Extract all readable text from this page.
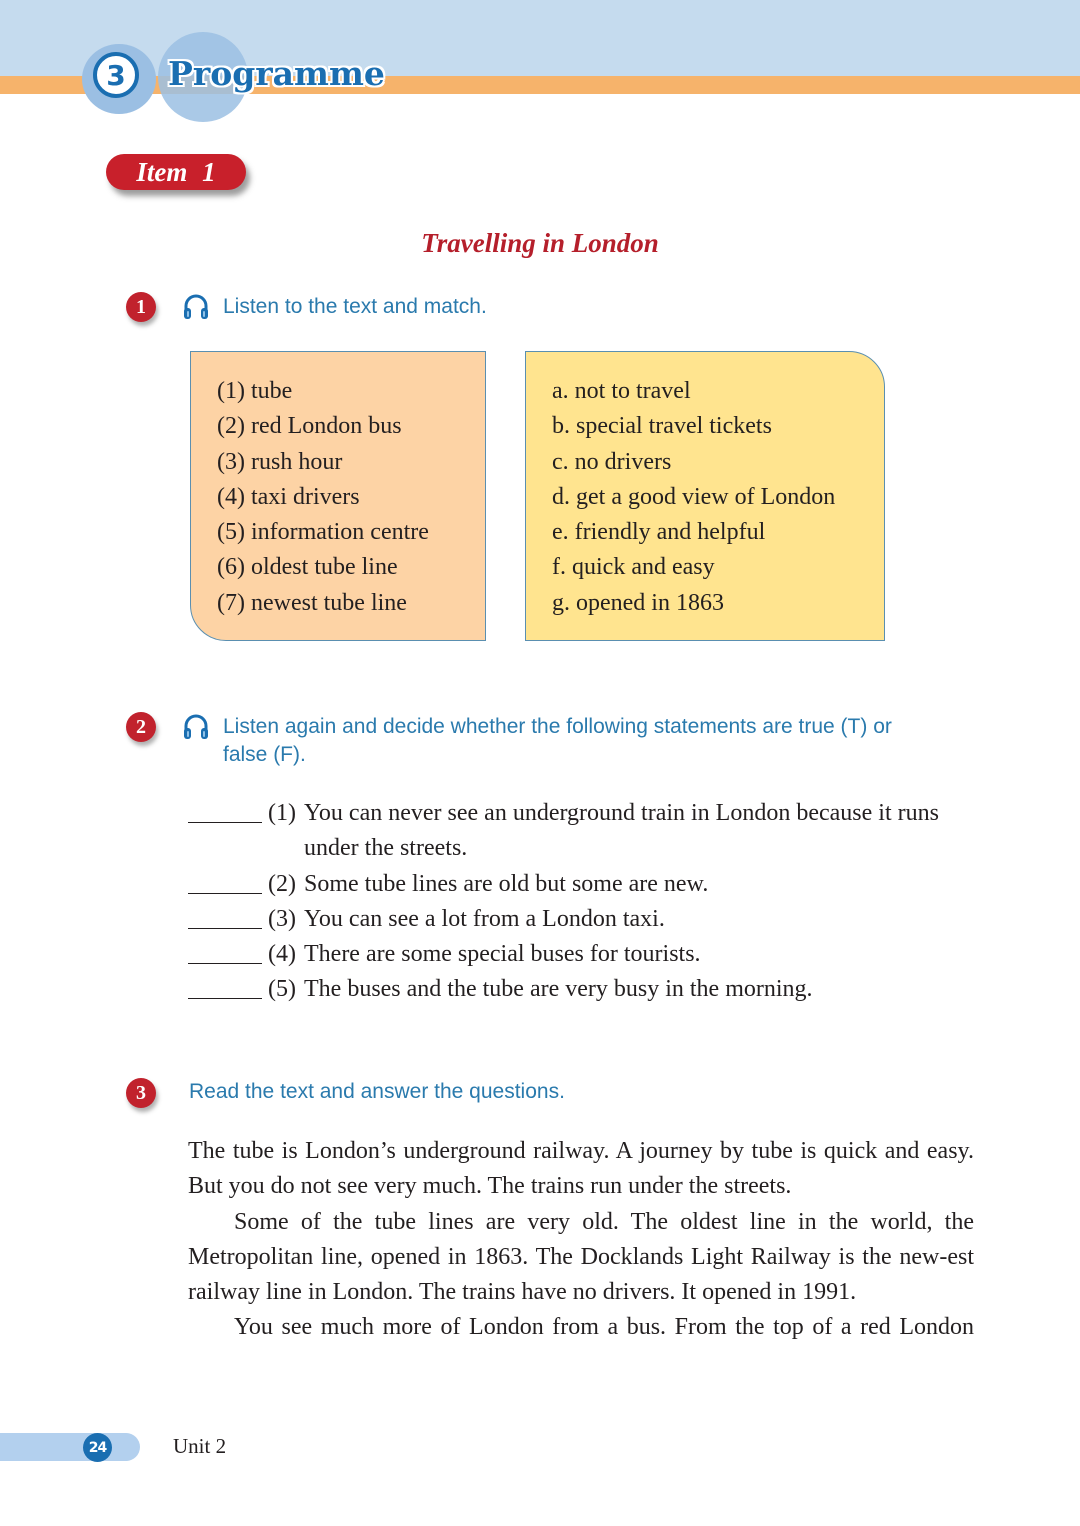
3	Programme
Item 1
Travelling in London
1	Listen to the text and match.
(1) tube
(2) red London bus
(3) rush hour
(4) taxi drivers
(5) information centre
(6) oldest tube line
(7) newest tube line
a. not to travel
b. special travel tickets
c. no drivers
d. get a good view of London
e. friendly and helpful
f. quick and easy
g. opened in 1863
2	Listen again and decide whether the following statements are true (T) or
false (F).
(1) You can never see an underground train in London because it runs under the streets.
(2) Some tube lines are old but some are new.
(3) You can see a lot from a London taxi.
(4) There are some special buses for tourists.
(5) The buses and the tube are very busy in the morning.
3	Read the text and answer the questions.

The tube is London’s underground railway. A journey by tube is quick and easy. But you do not see very much. The trains run under the streets.

Some of the tube lines are very old. The oldest line in the world, the Metropolitan line, opened in 1863. The Docklands Light Railway is the new-est railway line in London. The trains have no drivers. It opened in 1991.

You see much more of London from a bus. From the top of a red London

24	Unit 2
